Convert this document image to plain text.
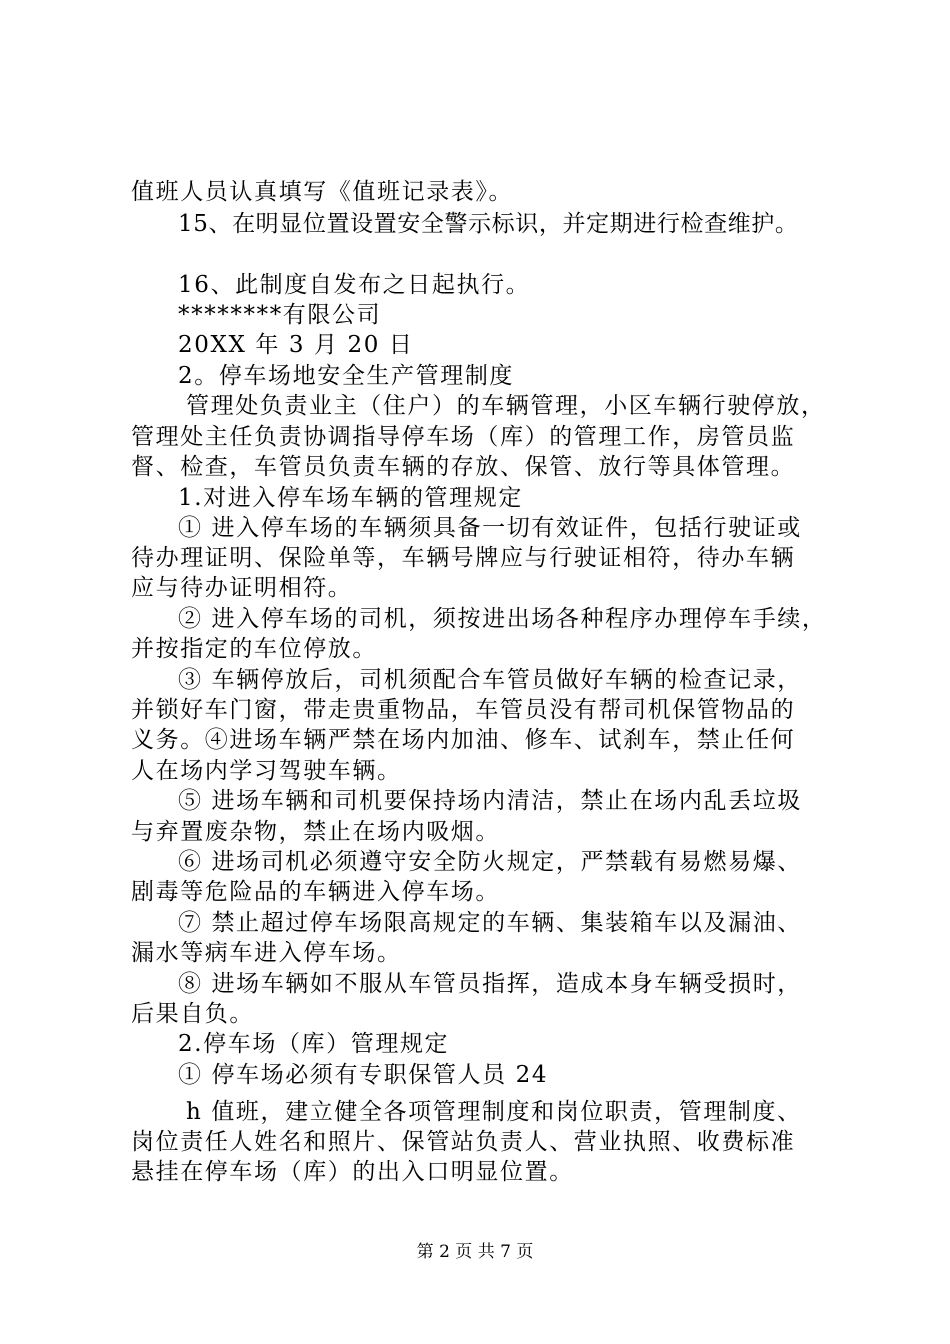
值班人员认真填写《值班记录表》。
15、在明显位置设置安全警示标识，并定期进行检查维护。
16、此制度自发布之日起执行。
********有限公司
20XX 年 3 月 20 日
2。停车场地安全生产管理制度
管理处负责业主（住户）的车辆管理，小区车辆行驶停放，
管理处主任负责协调指导停车场（库）的管理工作，房管员监
督、检查，车管员负责车辆的存放、保管、放行等具体管理。
1.对进入停车场车辆的管理规定
① 进入停车场的车辆须具备一切有效证件，包括行驶证或
待办理证明、保险单等，车辆号牌应与行驶证相符，待办车辆
应与待办证明相符。
② 进入停车场的司机，须按进出场各种程序办理停车手续，
并按指定的车位停放。
③ 车辆停放后，司机须配合车管员做好车辆的检查记录，
并锁好车门窗，带走贵重物品，车管员没有帮司机保管物品的
义务。④进场车辆严禁在场内加油、修车、试刹车，禁止任何
人在场内学习驾驶车辆。
⑤ 进场车辆和司机要保持场内清洁，禁止在场内乱丢垃圾
与弃置废杂物，禁止在场内吸烟。
⑥ 进场司机必须遵守安全防火规定，严禁载有易燃易爆、
剧毒等危险品的车辆进入停车场。
⑦ 禁止超过停车场限高规定的车辆、集装箱车以及漏油、
漏水等病车进入停车场。
⑧ 进场车辆如不服从车管员指挥，造成本身车辆受损时，
后果自负。
2.停车场（库）管理规定
① 停车场必须有专职保管人员 24
h 值班，建立健全各项管理制度和岗位职责，管理制度、
岗位责任人姓名和照片、保管站负责人、营业执照、收费标准
悬挂在停车场（库）的出入口明显位置。
第 2 页 共 7 页
